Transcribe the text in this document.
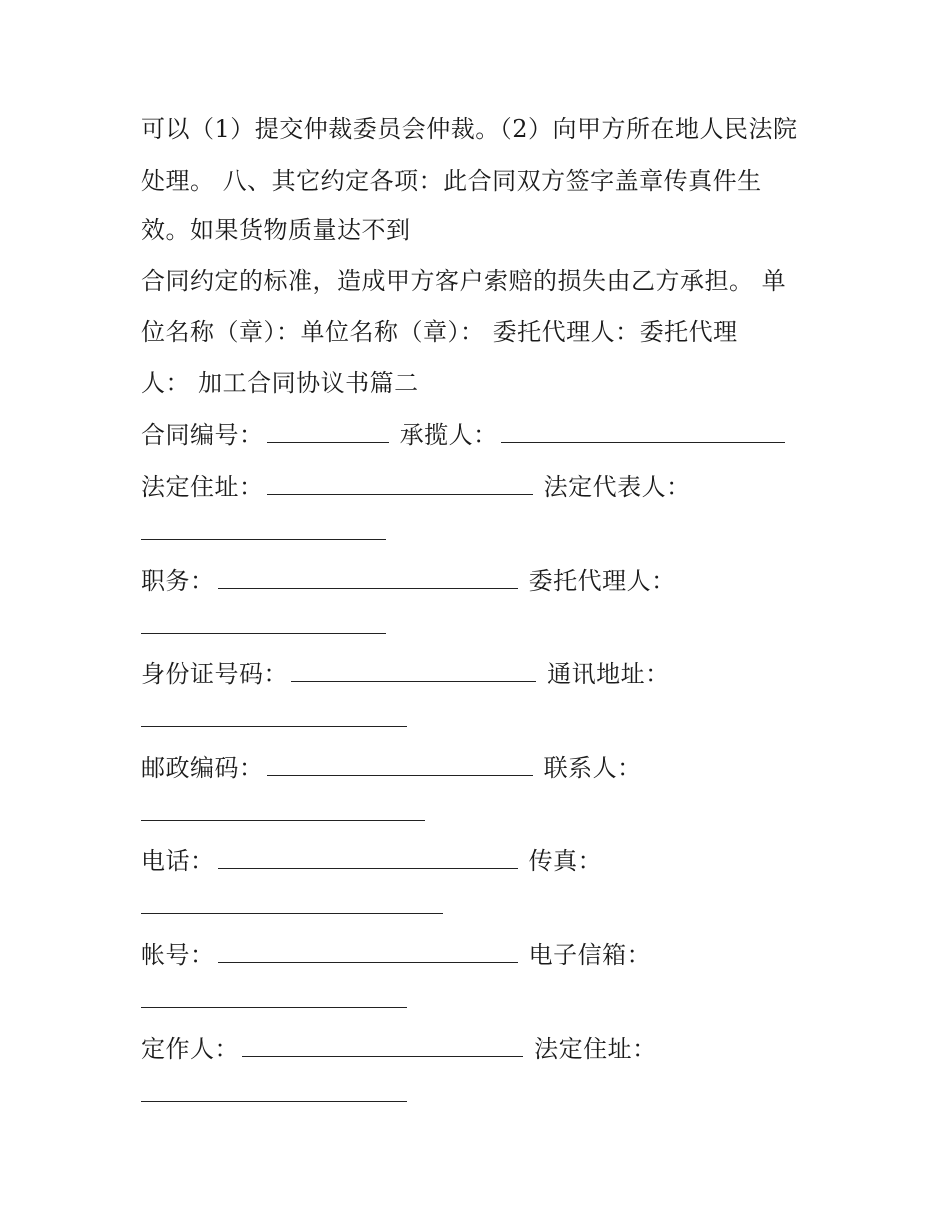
可以（1）提交仲裁委员会仲裁。（2）向甲方所在地人民法院
处理。 八、其它约定各项：此合同双方签字盖章传真件生
效。如果货物质量达不到
合同约定的标准，造成甲方客户索赔的损失由乙方承担。 单
位名称（章）：单位名称（章）： 委托代理人：委托代理
人： 加工合同协议书篇二
合同编号：	承揽人：
法定住址：	法定代表人：
职务：	委托代理人：
身份证号码：	通讯地址：
邮政编码：	联系人：
电话：	传真：
帐号：	电子信箱：
定作人：	法定住址：
